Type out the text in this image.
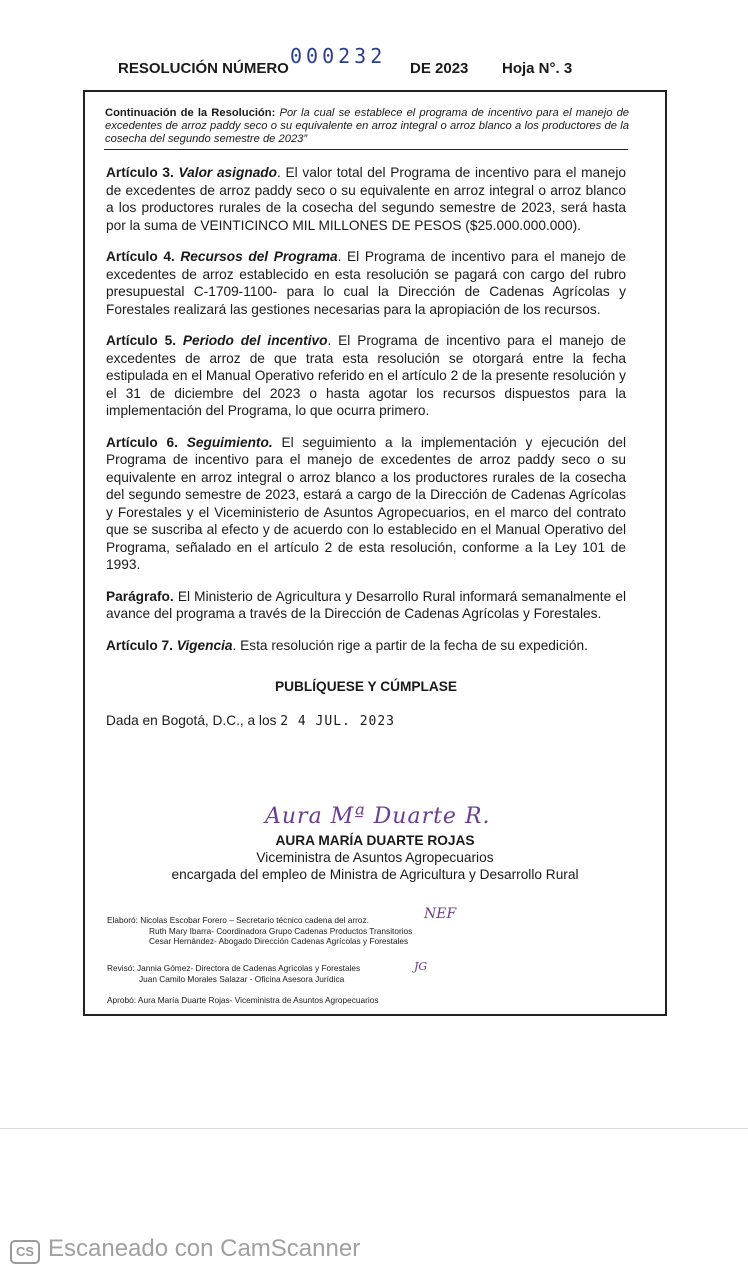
RESOLUCIÓN NÚMERO
000232
DE 2023 Hoja N°. 3
Continuación de la Resolución: Por la cual se establece el programa de incentivo para el manejo de excedentes de arroz paddy seco o su equivalente en arroz integral o arroz blanco a los productores de la cosecha del segundo semestre de 2023”

Artículo 3. Valor asignado. El valor total del Programa de incentivo para el manejo de excedentes de arroz paddy seco o su equivalente en arroz integral o arroz blanco a los productores rurales de la cosecha del segundo semestre de 2023, será hasta por la suma de VEINTICINCO MIL MILLONES DE PESOS ($25.000.000.000).

Artículo 4. Recursos del Programa. El Programa de incentivo para el manejo de excedentes de arroz establecido en esta resolución se pagará con cargo del rubro presupuestal C-1709-1100- para lo cual la Dirección de Cadenas Agrícolas y Forestales realizará las gestiones necesarias para la apropiación de los recursos.

Artículo 5. Periodo del incentivo. El Programa de incentivo para el manejo de excedentes de arroz de que trata esta resolución se otorgará entre la fecha estipulada en el Manual Operativo referido en el artículo 2 de la presente resolución y el 31 de diciembre del 2023 o hasta agotar los recursos dispuestos para la implementación del Programa, lo que ocurra primero.

Artículo 6. Seguimiento. El seguimiento a la implementación y ejecución del Programa de incentivo para el manejo de excedentes de arroz paddy seco o su equivalente en arroz integral o arroz blanco a los productores rurales de la cosecha del segundo semestre de 2023, estará a cargo de la Dirección de Cadenas Agrícolas y Forestales y el Viceministerio de Asuntos Agropecuarios, en el marco del contrato que se suscriba al efecto y de acuerdo con lo establecido en el Manual Operativo del Programa, señalado en el artículo 2 de esta resolución, conforme a la Ley 101 de 1993.

Parágrafo. El Ministerio de Agricultura y Desarrollo Rural informará semanalmente el avance del programa a través de la Dirección de Cadenas Agrícolas y Forestales.

Artículo 7. Vigencia. Esta resolución rige a partir de la fecha de su expedición.

PUBLÍQUESE Y CÚMPLASE
Dada en Bogotá, D.C., a los 2 4 JUL. 2023
Aura Mª Duarte R.
AURA MARÍA DUARTE ROJAS
Viceministra de Asuntos Agropecuarios
encargada del empleo de Ministra de Agricultura y Desarrollo Rural
Elaboró: Nicolas Escobar Forero – Secretario técnico cadena del arroz.
Ruth Mary Ibarra- Coordinadora Grupo Cadenas Productos Transitorios
Cesar Hernández- Abogado Dirección Cadenas Agrícolas y Forestales
NEF
Revisó: Jannia Gómez- Directora de Cadenas Agrícolas y Forestales
Juan Camilo Morales Salazar - Oficina Asesora Jurídica
JG
Aprobó: Aura María Duarte Rojas- Viceministra de Asuntos Agropecuarios
CS Escaneado con CamScanner
